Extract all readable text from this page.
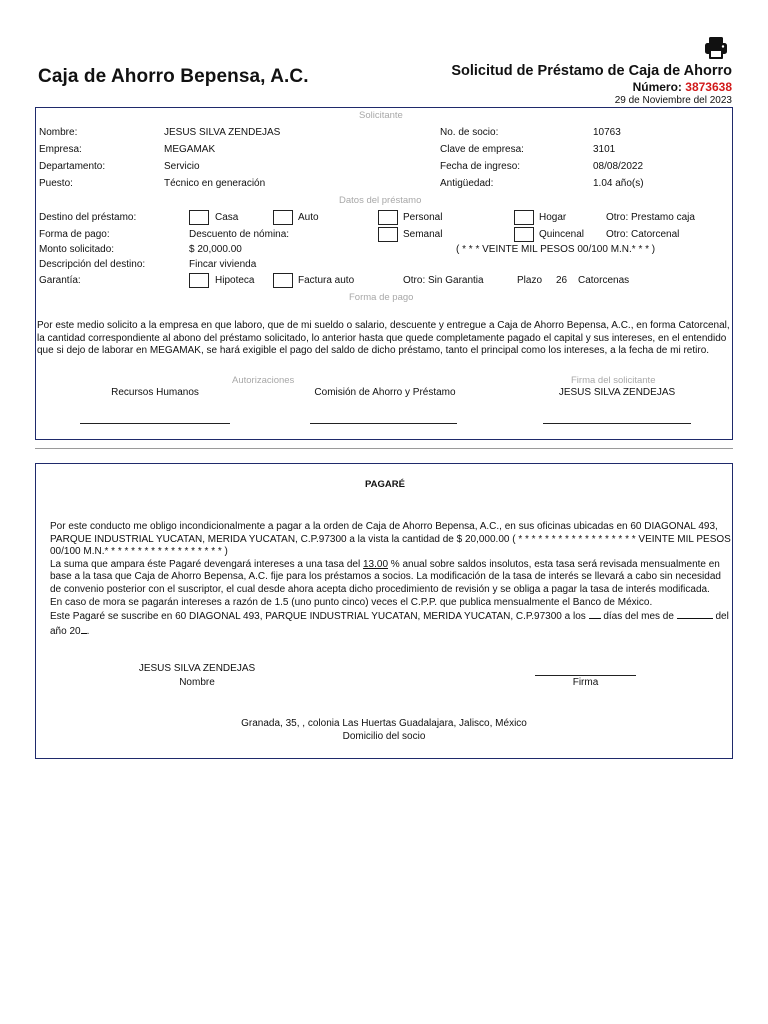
Caja de Ahorro Bepensa, A.C.	Solicitud de Préstamo de Caja de Ahorro
Número: 3873638
29 de Noviembre del 2023
Solicitante
Nombre:	JESUS SILVA ZENDEJAS	No. de socio:	10763
Empresa:	MEGAMAK	Clave de empresa:	3101
Departamento:	Servicio	Fecha de ingreso:	08/08/2022
Puesto:	Técnico en generación	Antigüedad:	1.04 año(s)
Datos del préstamo
Destino del préstamo:	Casa	Auto	Personal	Hogar	Otro: Prestamo caja
Forma de pago:	Descuento de nómina:	Semanal	Quincenal Otro: Catorcenal
Monto solicitado:	$ 20,000.00	( * * * VEINTE MIL PESOS 00/100 M.N.* * * )
Descripción del destino:	Fincar vivienda
Garantía:	Hipoteca	Factura auto	Otro: Sin Garantia	Plazo 26 Catorcenas
Forma de pago
Por este medio solicito a la empresa en que laboro, que de mi sueldo o salario, descuente y entregue a Caja de Ahorro Bepensa, A.C., en forma Catorcenal,
la cantidad correspondiente al abono del préstamo solicitado, lo anterior hasta que quede completamente pagado el capital y sus intereses, en el entendido
que si dejo de laborar en MEGAMAK, se hará exigible el pago del saldo de dicho préstamo, tanto el principal como los intereses, a la fecha de mi retiro.
Autorizaciones	Firma del solicitante
Recursos Humanos	Comisión de Ahorro y Préstamo	JESUS SILVA ZENDEJAS
PAGARÉ
Por este conducto me obligo incondicionalmente a pagar a la orden de Caja de Ahorro Bepensa, A.C., en sus oficinas ubicadas en 60 DIAGONAL 493,
PARQUE INDUSTRIAL YUCATAN, MERIDA YUCATAN, C.P.97300 a la vista la cantidad de $ 20,000.00 ( * * * * * * * * * * * * * * * * * * VEINTE MIL PESOS
00/100 M.N.* * * * * * * * * * * * * * * * * * )
La suma que ampara éste Pagaré devengará intereses a una tasa del 13.00 % anual sobre saldos insolutos, esta tasa será revisada mensualmente en
base a la tasa que Caja de Ahorro Bepensa, A.C. fije para los préstamos a socios. La modificación de la tasa de interés se llevará a cabo sin necesidad
de convenio posterior con el suscriptor, el cual desde ahora acepta dicho procedimiento de revisión y se obliga a pagar la tasa de interés modificada.
En caso de mora se pagarán intereses a razón de 1.5 (uno punto cinco) veces el C.P.P. que publica mensualmente el Banco de México.
Este Pagaré se suscribe en 60 DIAGONAL 493, PARQUE INDUSTRIAL YUCATAN, MERIDA YUCATAN, C.P.97300 a los  días del mes de	del
año 20 .
JESUS SILVA ZENDEJAS
Nombre	Firma
Granada, 35, , colonia Las Huertas Guadalajara, Jalisco, México
Domicilio del socio
